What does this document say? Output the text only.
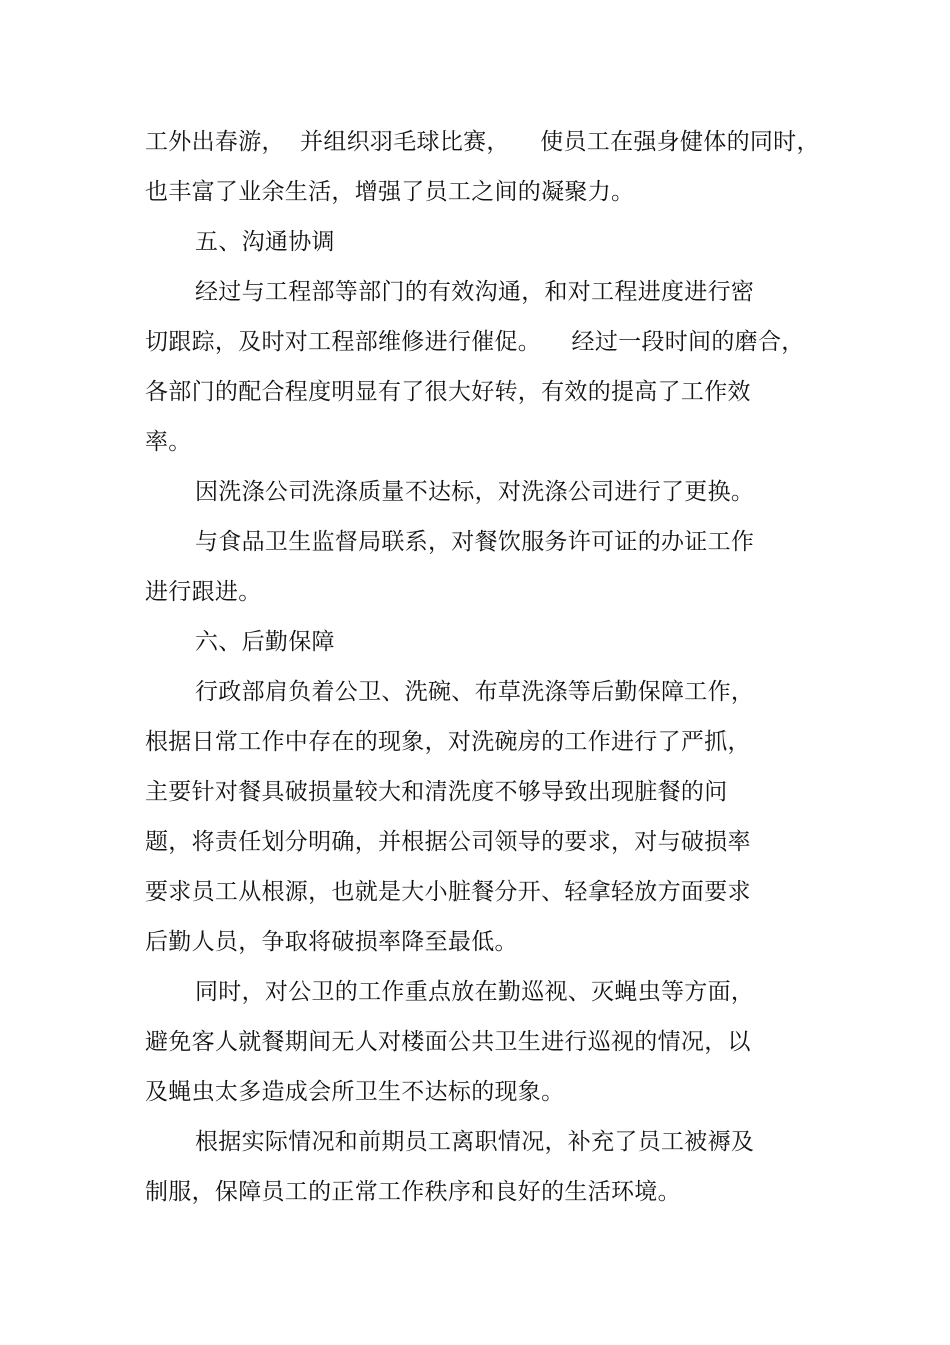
工外出春游，  并组织羽毛球比赛，    使员工在强身健体的同时，
也丰富了业余生活，增强了员工之间的凝聚力。
五、沟通协调
经过与工程部等部门的有效沟通，和对工程进度进行密
切跟踪，及时对工程部维修进行催促。    经过一段时间的磨合，
各部门的配合程度明显有了很大好转，有效的提高了工作效
率。
因洗涤公司洗涤质量不达标，对洗涤公司进行了更换。
与食品卫生监督局联系，对餐饮服务许可证的办证工作
进行跟进。
六、后勤保障
行政部肩负着公卫、洗碗、布草洗涤等后勤保障工作，
根据日常工作中存在的现象，对洗碗房的工作进行了严抓，
主要针对餐具破损量较大和清洗度不够导致出现脏餐的问
题，将责任划分明确，并根据公司领导的要求，对与破损率
要求员工从根源，也就是大小脏餐分开、轻拿轻放方面要求
后勤人员，争取将破损率降至最低。
同时，对公卫的工作重点放在勤巡视、灭蝇虫等方面，
避免客人就餐期间无人对楼面公共卫生进行巡视的情况，以
及蝇虫太多造成会所卫生不达标的现象。
根据实际情况和前期员工离职情况，补充了员工被褥及
制服，保障员工的正常工作秩序和良好的生活环境。
